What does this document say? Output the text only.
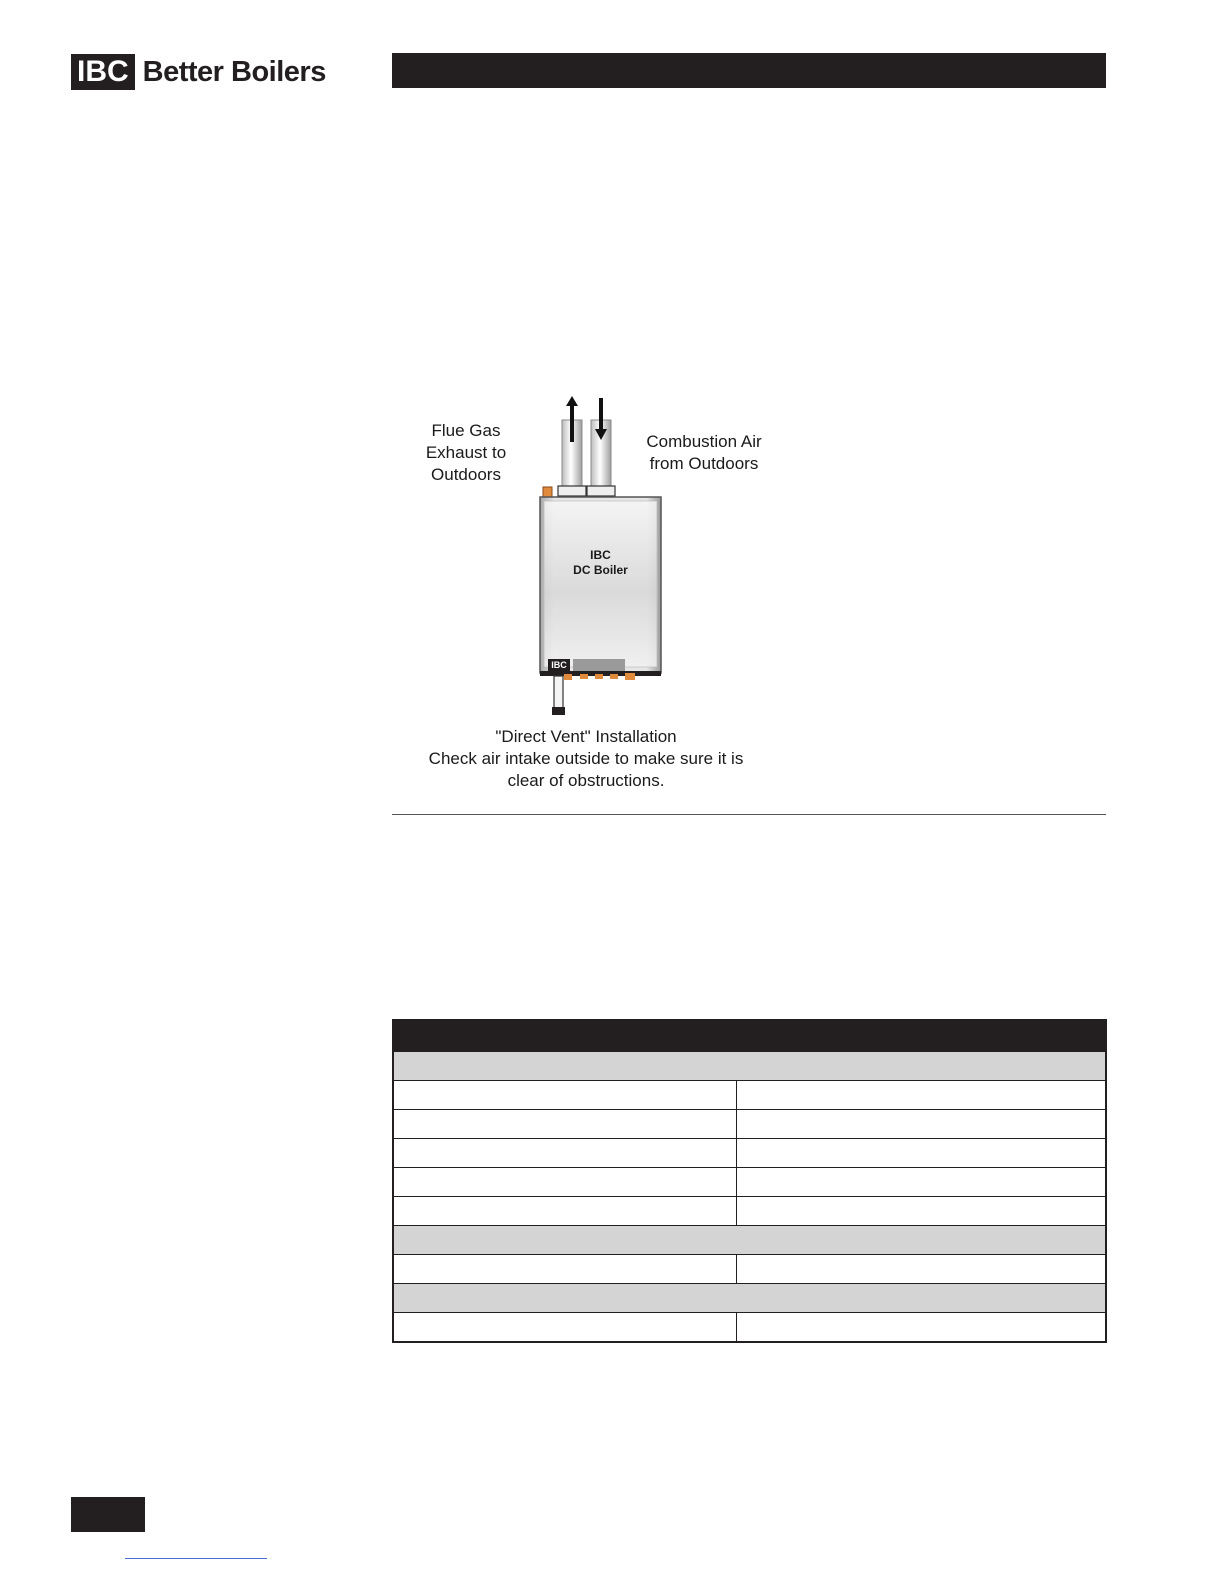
IBC Better Boilers
Flue Gas
Exhaust to
Outdoors
Combustion Air
from Outdoors
IBC
DC Boiler
IBC
"Direct Vent" Installation
Check air intake outside to make sure it is
clear of obstructions.
